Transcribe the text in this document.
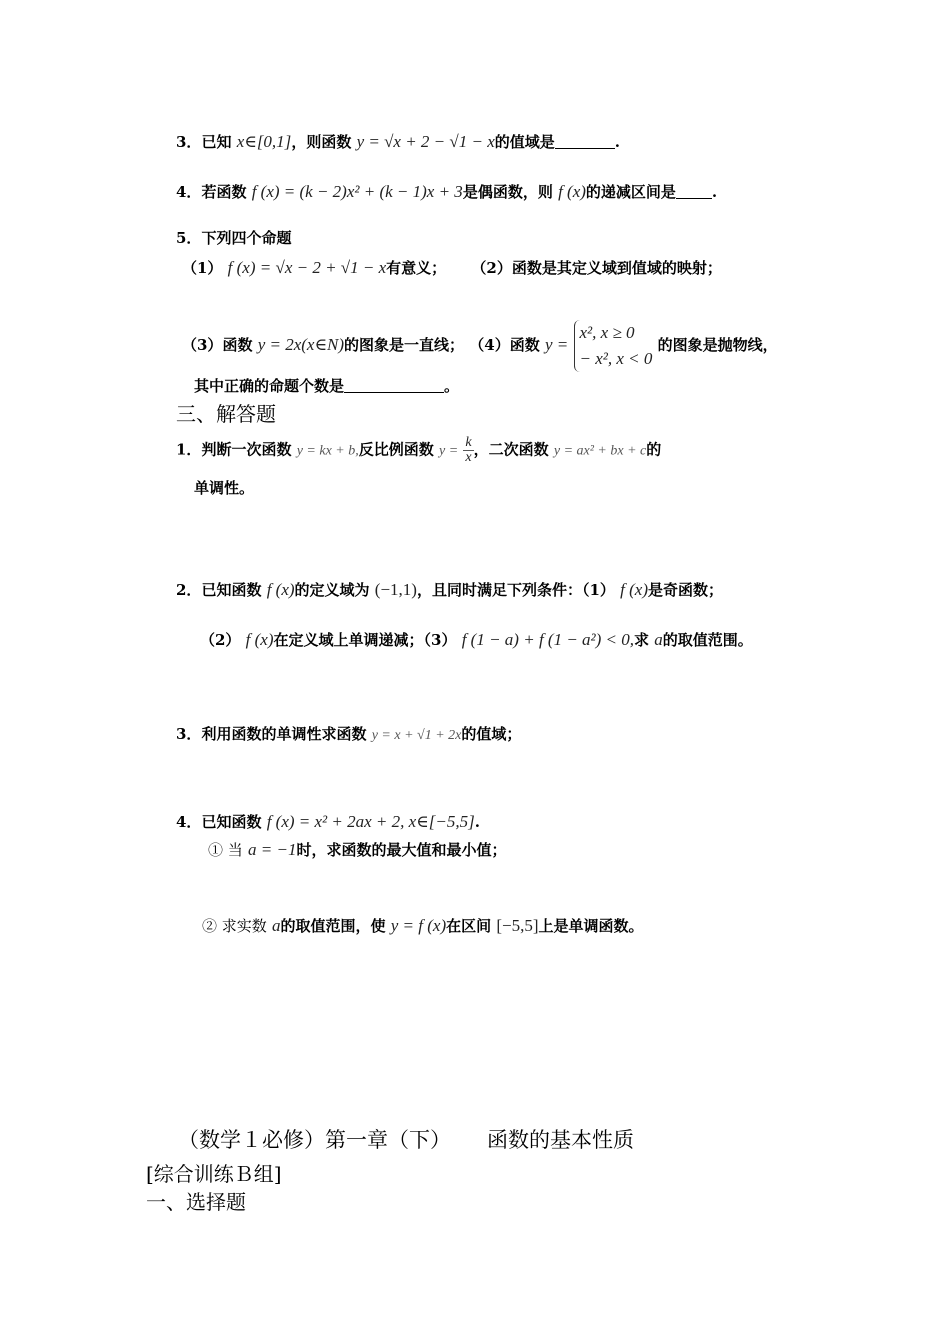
3．已知 x∈[0,1]，则函数 y = √x + 2 − √1 − x的值域是	.
4．若函数 f (x) = (k − 2)x² + (k − 1)x + 3是偶函数，则 f (x)的递减区间是 .
5．下列四个命题
（1） f (x) = √x − 2 + √1 − x有意义； （2）函数是其定义域到值域的映射；
（3）函数 y = 2x(x∈N)的图象是一直线； （4）函数 y =
x², x ≥ 0
− x², x < 0
的图象是抛物线，
其中正确的命题个数是	。
三、解答题
1．判断一次函数 y = kx + b,反比例函数 $y = \frac{k}{x}$ ，二次函数 y = ax² + bx + c的
单调性。
2．已知函数 f (x)的定义域为 (−1,1)，且同时满足下列条件：（1） f (x)是奇函数；
（2） f (x)在定义域上单调递减；（3） f (1 − a) + f (1 − a²) < 0,求 a的取值范围。
3．利用函数的单调性求函数 y = x + √1 + 2x的值域；
4．已知函数 f (x) = x² + 2ax + 2, x∈[−5,5].
① 当 a = −1时，求函数的最大值和最小值；
② 求实数 a的取值范围，使 y = f (x)在区间 [−5,5]上是单调函数。
（数学１必修）第一章（下） 函数的基本性质
[综合训练Ｂ组]
一、选择题
